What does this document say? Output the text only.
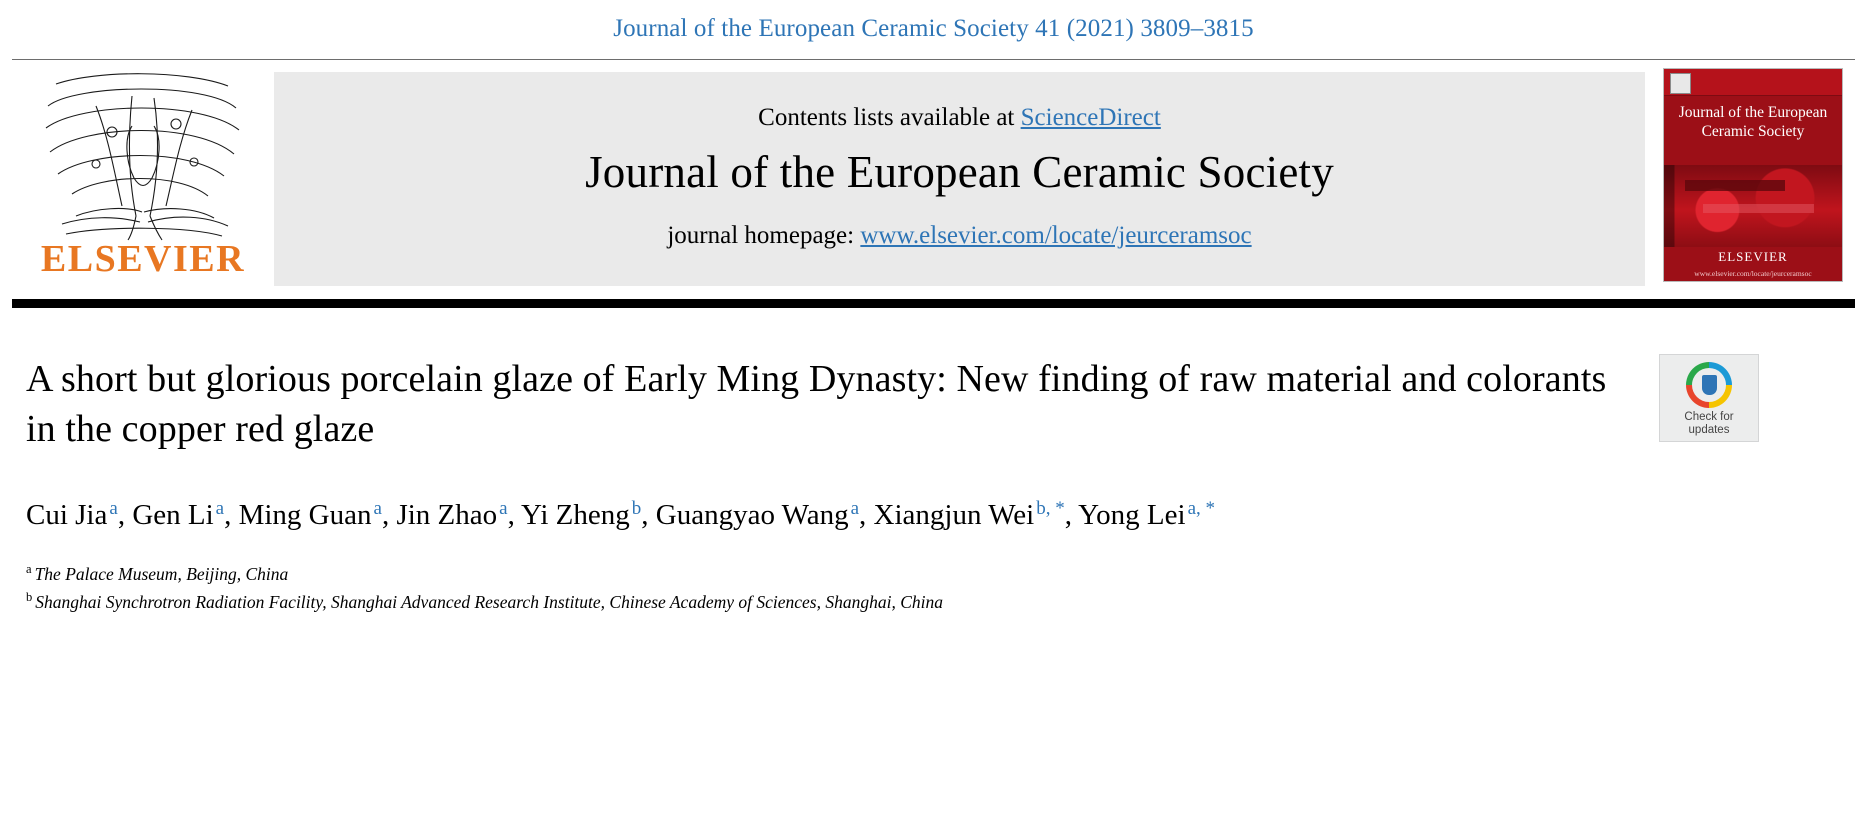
Journal of the European Ceramic Society 41 (2021) 3809–3815
ELSEVIER
Contents lists available at ScienceDirect
Journal of the European Ceramic Society
journal homepage: www.elsevier.com/locate/jeurceramsoc
Journal of the European Ceramic Society
ELSEVIER
www.elsevier.com/locate/jeurceramsoc
Check for
updates
A short but glorious porcelain glaze of Early Ming Dynasty: New finding of raw material and colorants in the copper red glaze
Cui Jia $^a$, Gen Li $^a$, Ming Guan $^a$, Jin Zhao $^a$, Yi Zheng $^b$, Guangyao Wang $^a$, Xiangjun Wei $^{b, *}$, Yong Lei $^{a, *}$
$^a$ The Palace Museum, Beijing, China
$^b$ Shanghai Synchrotron Radiation Facility, Shanghai Advanced Research Institute, Chinese Academy of Sciences, Shanghai, China
